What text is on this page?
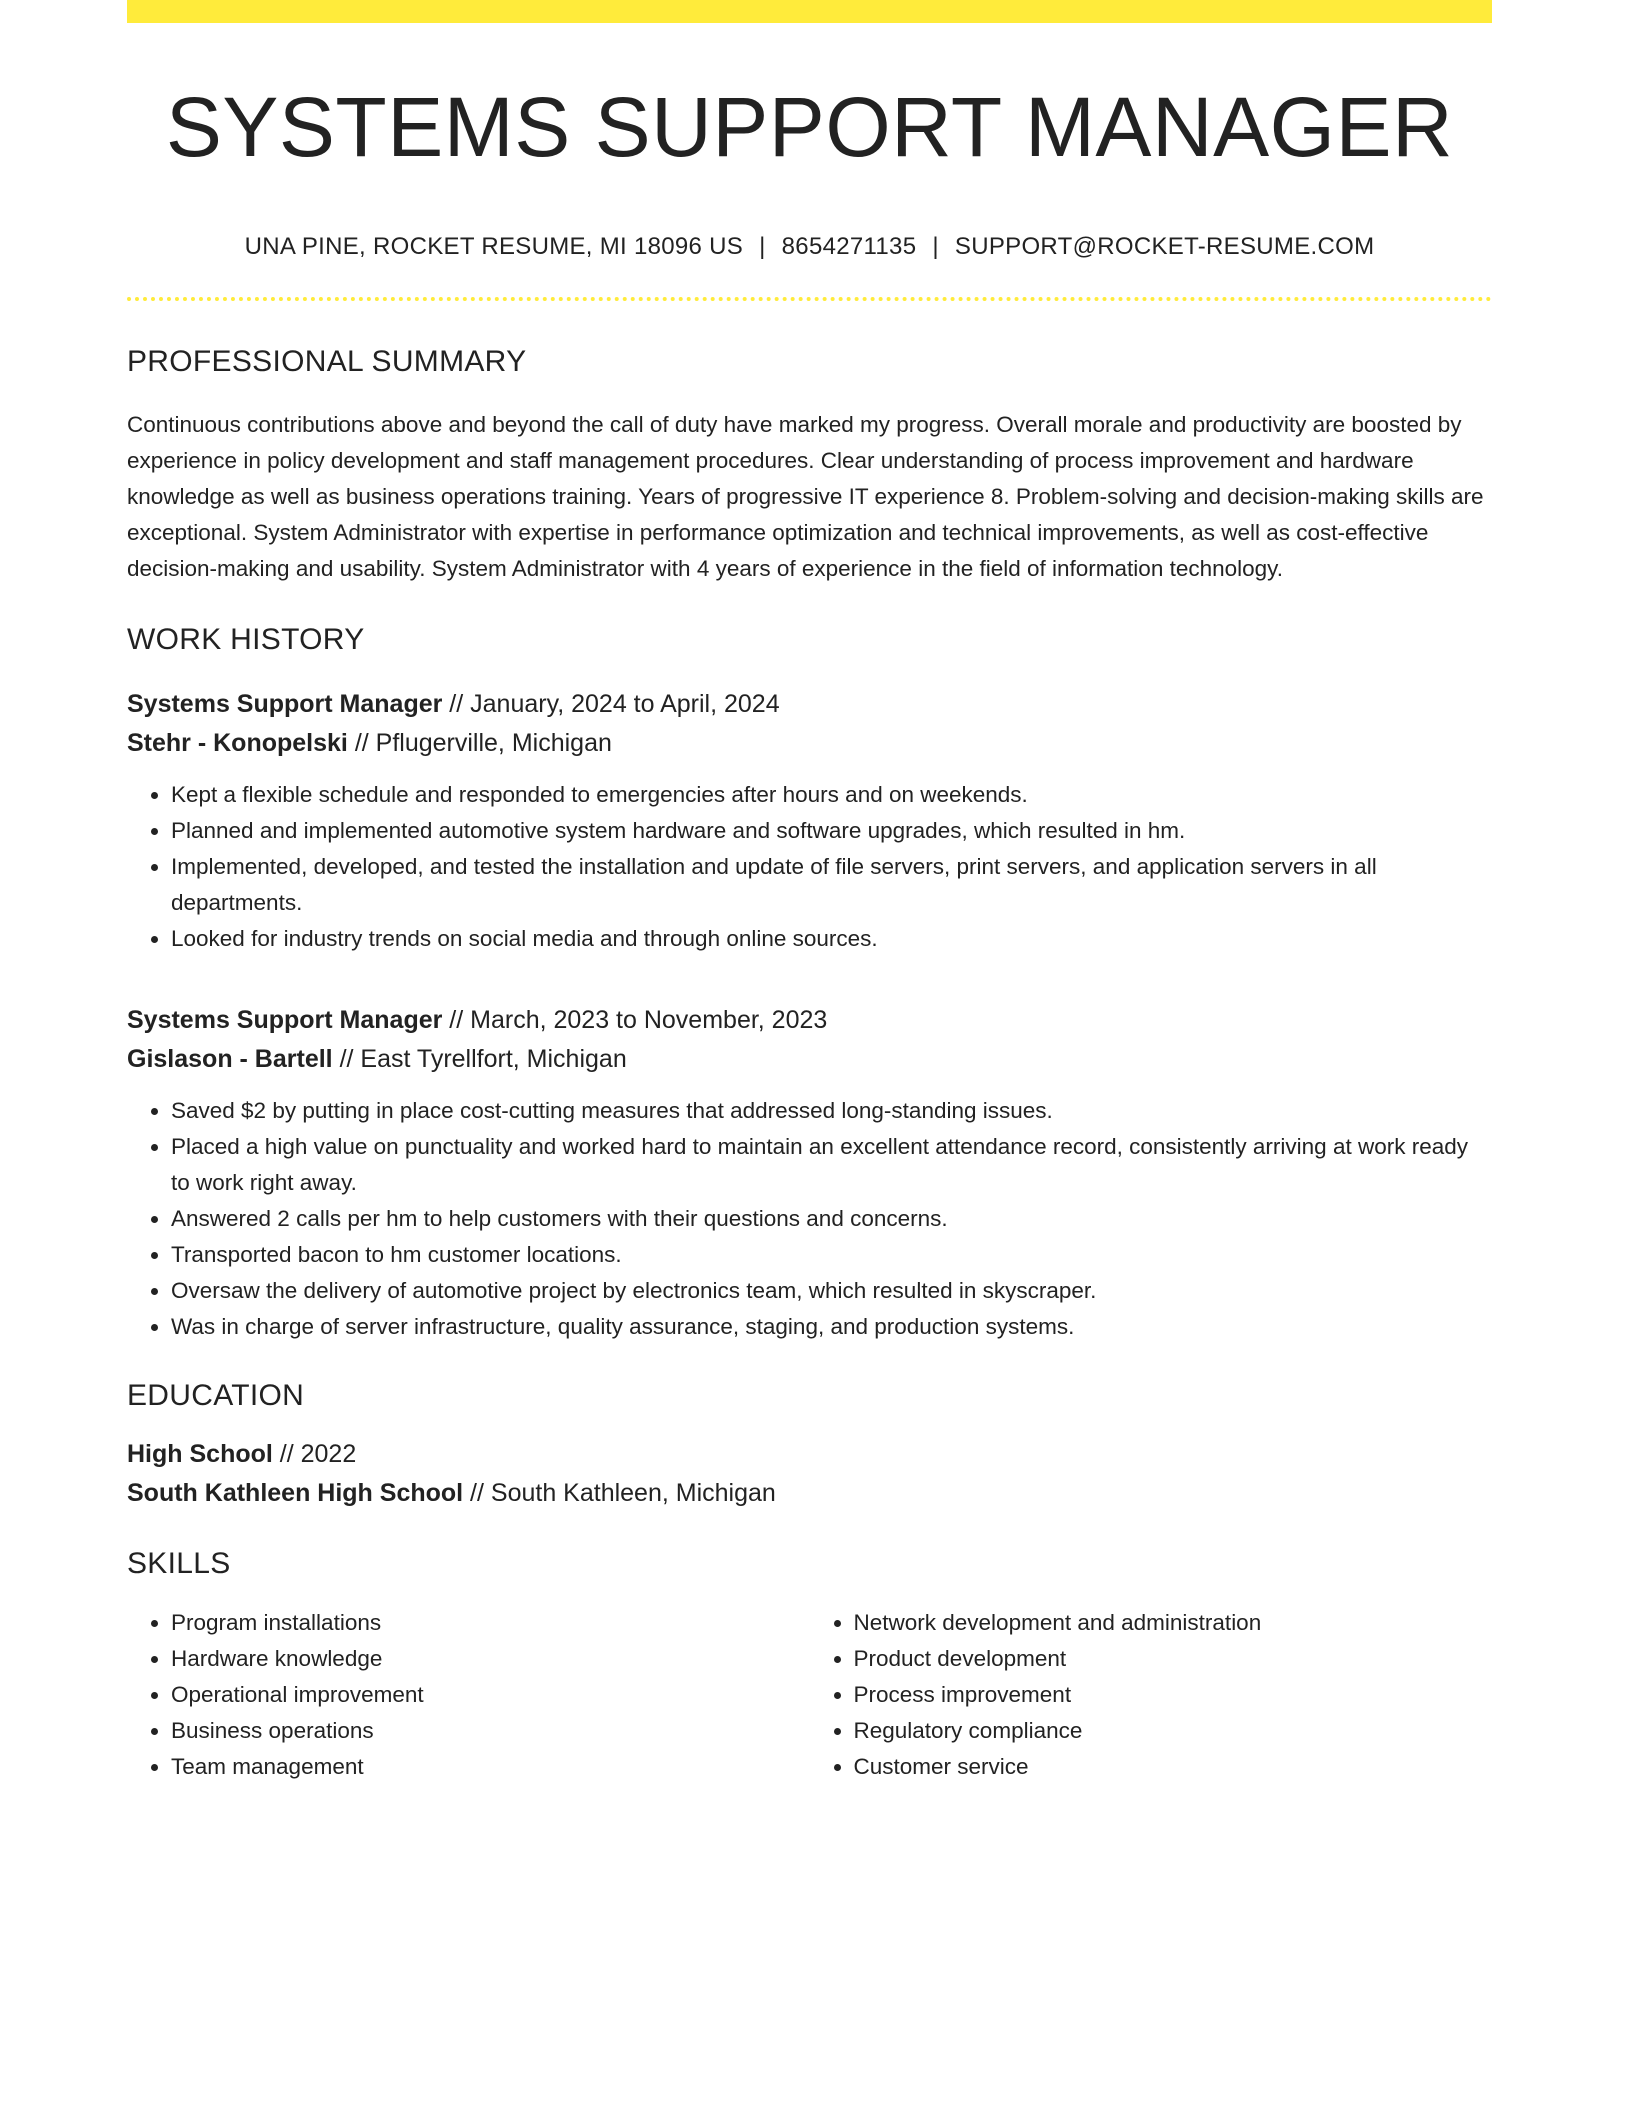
SYSTEMS SUPPORT MANAGER
UNA PINE, ROCKET RESUME, MI 18096 US | 8654271135 | SUPPORT@ROCKET-RESUME.COM
PROFESSIONAL SUMMARY

Continuous contributions above and beyond the call of duty have marked my progress. Overall morale and productivity are boosted by experience in policy development and staff management procedures. Clear understanding of process improvement and hardware knowledge as well as business operations training. Years of progressive IT experience 8. Problem-solving and decision-making skills are exceptional. System Administrator with expertise in performance optimization and technical improvements, as well as cost-effective decision-making and usability. System Administrator with 4 years of experience in the field of information technology.

WORK HISTORY
Systems Support Manager // January, 2024 to April, 2024
Stehr - Konopelski // Pflugerville, Michigan
• Kept a flexible schedule and responded to emergencies after hours and on weekends.
• Planned and implemented automotive system hardware and software upgrades, which resulted in hm.
• Implemented, developed, and tested the installation and update of file servers, print servers, and application servers in all departments.
• Looked for industry trends on social media and through online sources.
Systems Support Manager // March, 2023 to November, 2023
Gislason - Bartell // East Tyrellfort, Michigan
• Saved $2 by putting in place cost-cutting measures that addressed long-standing issues.
• Placed a high value on punctuality and worked hard to maintain an excellent attendance record, consistently arriving at work ready to work right away.
• Answered 2 calls per hm to help customers with their questions and concerns.
• Transported bacon to hm customer locations.
• Oversaw the delivery of automotive project by electronics team, which resulted in skyscraper.
• Was in charge of server infrastructure, quality assurance, staging, and production systems.
EDUCATION
High School // 2022
South Kathleen High School // South Kathleen, Michigan
SKILLS
• Program installations
• Hardware knowledge
• Operational improvement
• Business operations
• Team management
• Network development and administration
• Product development
• Process improvement
• Regulatory compliance
• Customer service
